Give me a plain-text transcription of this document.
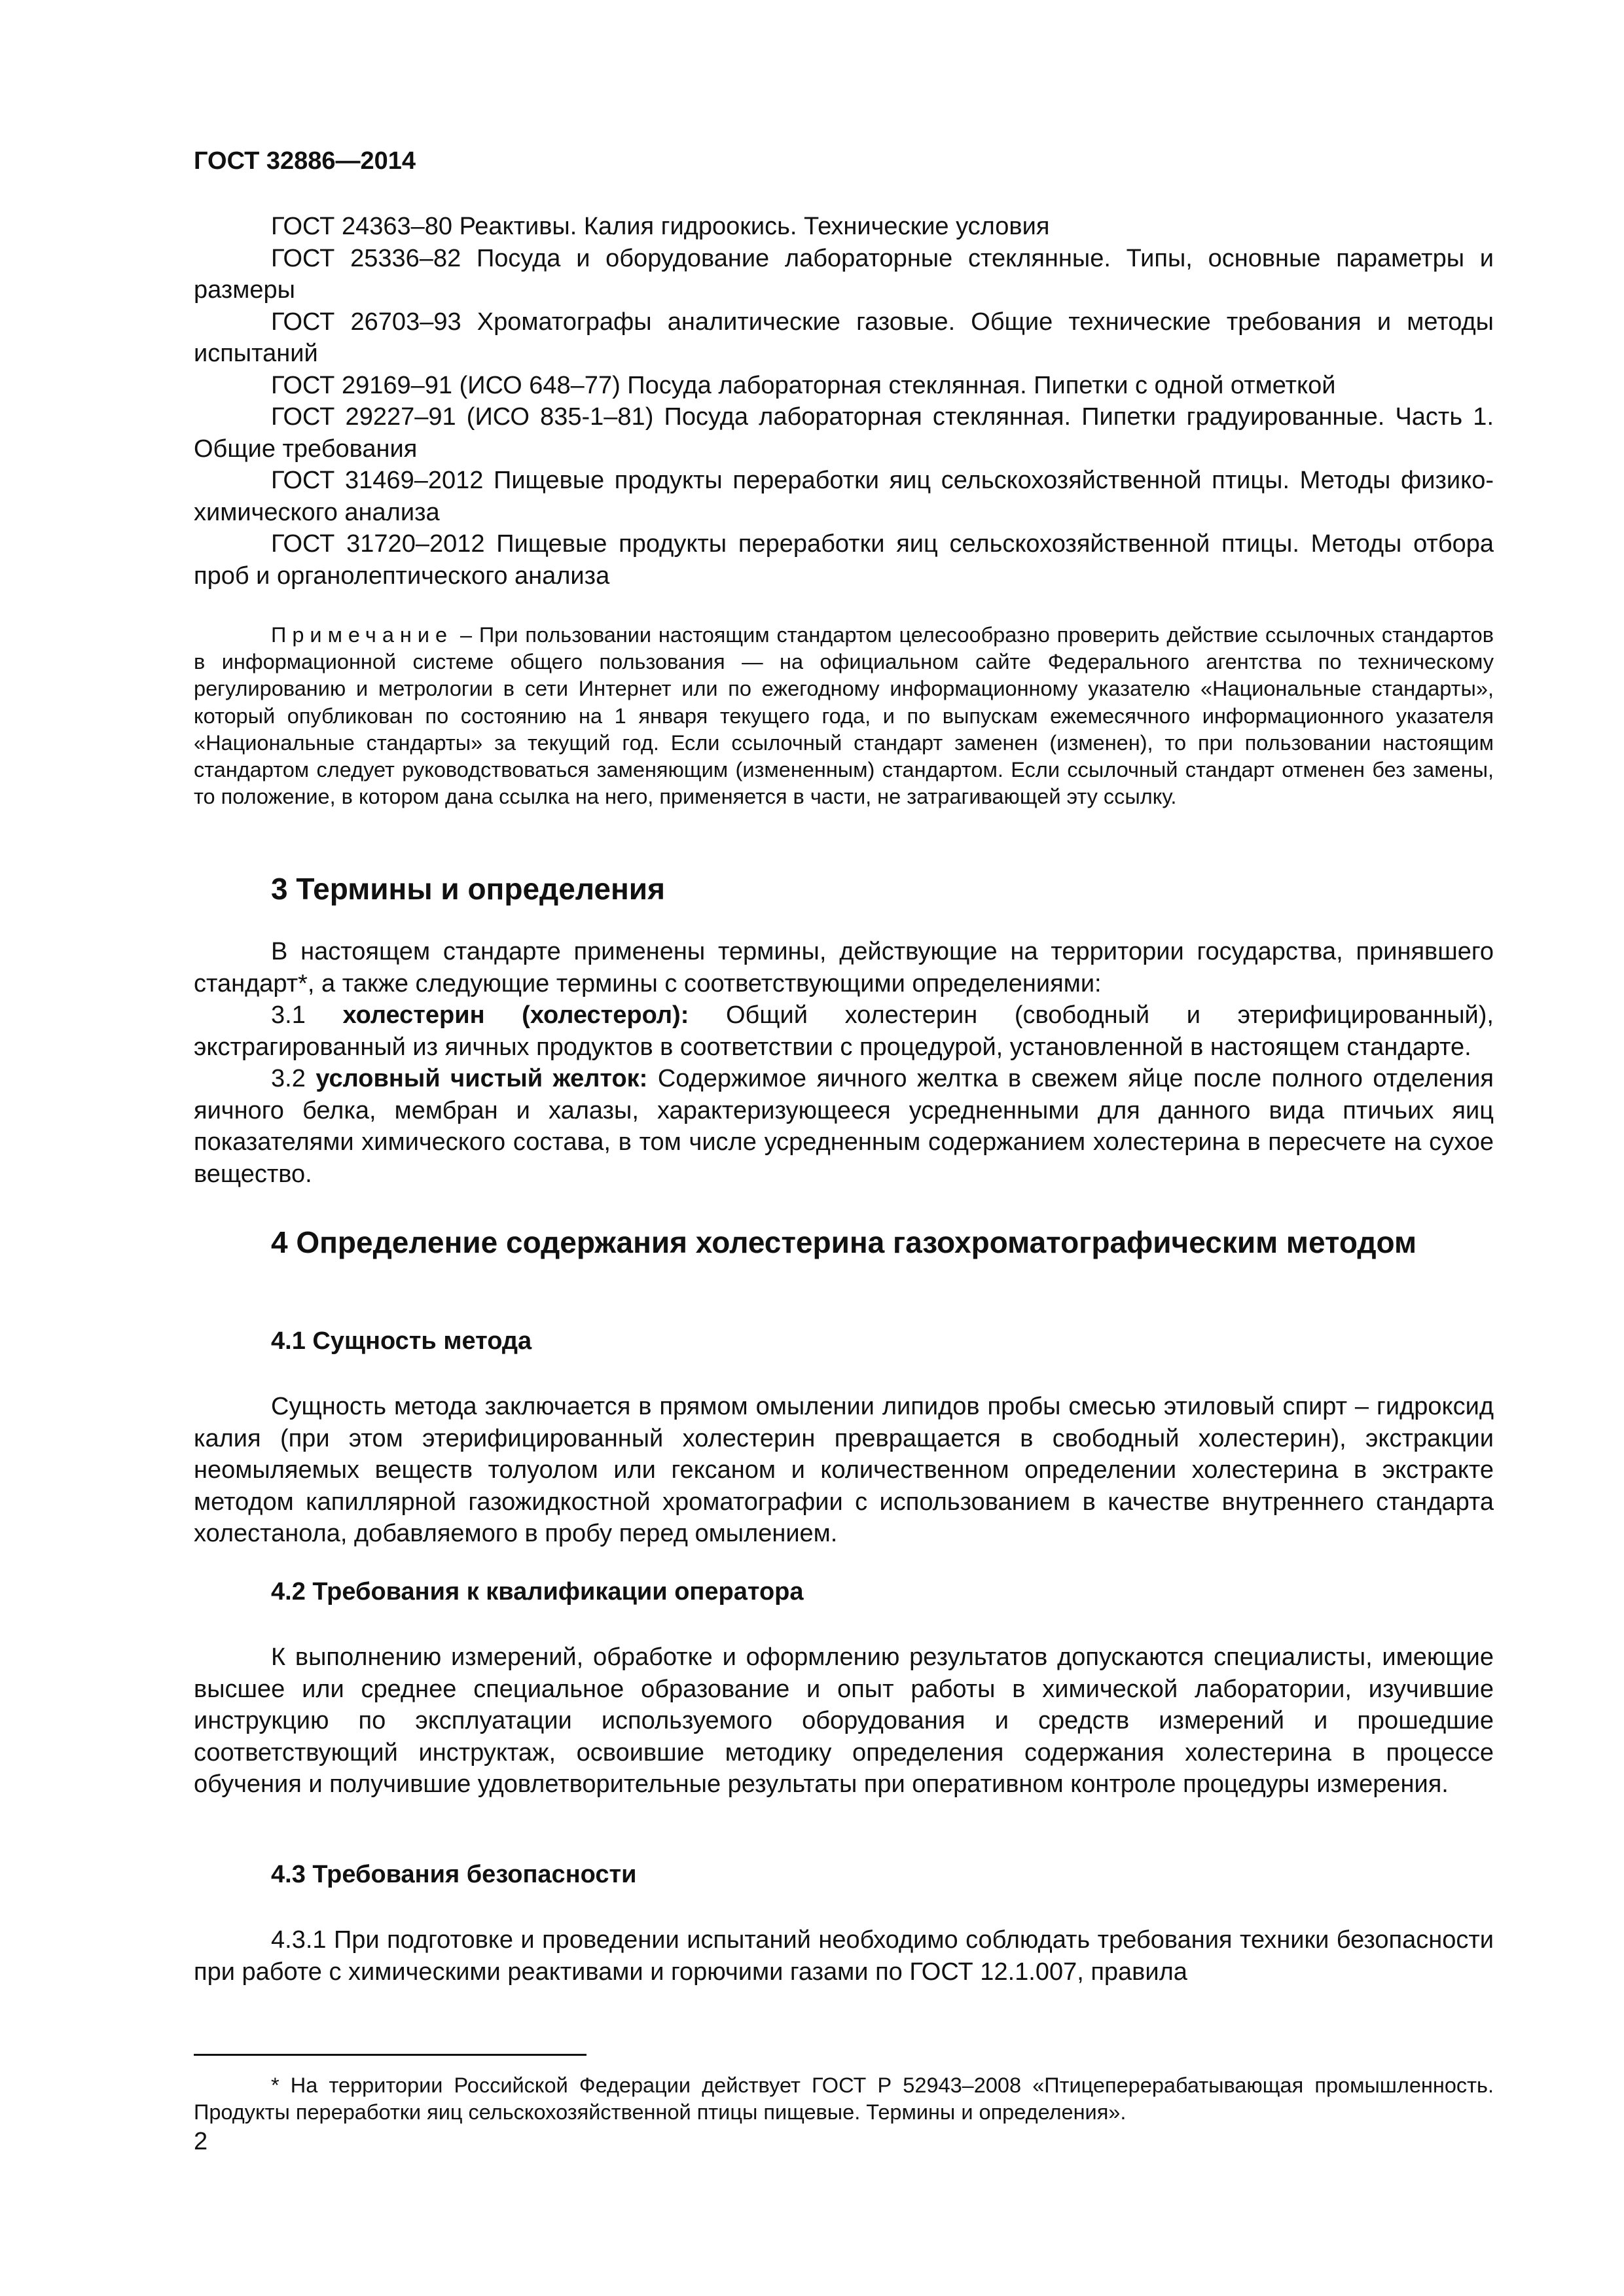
ГОСТ 32886—2014

ГОСТ 24363–80 Реактивы. Калия гидроокись. Технические условия

ГОСТ 25336–82 Посуда и оборудование лабораторные стеклянные. Типы, основные параметры и размеры

ГОСТ 26703–93 Хроматографы аналитические газовые. Общие технические требования и методы испытаний

ГОСТ 29169–91 (ИСО 648–77) Посуда лабораторная стеклянная. Пипетки с одной отметкой

ГОСТ 29227–91 (ИСО 835-1–81) Посуда лабораторная стеклянная. Пипетки градуированные. Часть 1. Общие требования

ГОСТ 31469–2012 Пищевые продукты переработки яиц сельскохозяйственной птицы. Методы физико-химического анализа

ГОСТ 31720–2012 Пищевые продукты переработки яиц сельскохозяйственной птицы. Методы отбора проб и органолептического анализа

Примечание – При пользовании настоящим стандартом целесообразно проверить действие ссылочных стандартов в информационной системе общего пользования — на официальном сайте Федерального агентства по техническому регулированию и метрологии в сети Интернет или по ежегодному информационному указателю «Национальные стандарты», который опубликован по состоянию на 1 января текущего года, и по выпускам ежемесячного информационного указателя «Национальные стандарты» за текущий год. Если ссылочный стандарт заменен (изменен), то при пользовании настоящим стандартом следует руководствоваться заменяющим (измененным) стандартом. Если ссылочный стандарт отменен без замены, то положение, в котором дана ссылка на него, применяется в части, не затрагивающей эту ссылку.

3 Термины и определения

В настоящем стандарте применены термины, действующие на территории государства, принявшего стандарт*, а также следующие термины с соответствующими определениями:

3.1 холестерин (холестерол): Общий холестерин (свободный и этерифицированный), экстрагированный из яичных продуктов в соответствии с процедурой, установленной в настоящем стандарте.

3.2 условный чистый желток: Содержимое яичного желтка в свежем яйце после полного отделения яичного белка, мембран и халазы, характеризующееся усредненными для данного вида птичьих яиц показателями химического состава, в том числе усредненным содержанием холестерина в пересчете на сухое вещество.

4 Определение содержания холестерина газохроматографическим методом
4.1 Сущность метода

Сущность метода заключается в прямом омылении липидов пробы смесью этиловый спирт – гидроксид калия (при этом этерифицированный холестерин превращается в свободный холестерин), экстракции неомыляемых веществ толуолом или гексаном и количественном определении холестерина в экстракте методом капиллярной газожидкостной хроматографии с использованием в качестве внутреннего стандарта холестанола, добавляемого в пробу перед омылением.

4.2 Требования к квалификации оператора

К выполнению измерений, обработке и оформлению результатов допускаются специалисты, имеющие высшее или среднее специальное образование и опыт работы в химической лаборатории, изучившие инструкцию по эксплуатации используемого оборудования и средств измерений и прошедшие соответствующий инструктаж, освоившие методику определения содержания холестерина в процессе обучения и получившие удовлетворительные результаты при оперативном контроле процедуры измерения.

4.3 Требования безопасности

4.3.1 При подготовке и проведении испытаний необходимо соблюдать требования техники безопасности при работе с химическими реактивами и горючими газами по ГОСТ 12.1.007, правила

* На территории Российской Федерации действует ГОСТ Р 52943–2008 «Птицеперерабатывающая промышленность. Продукты переработки яиц сельскохозяйственной птицы пищевые. Термины и определения».

2
